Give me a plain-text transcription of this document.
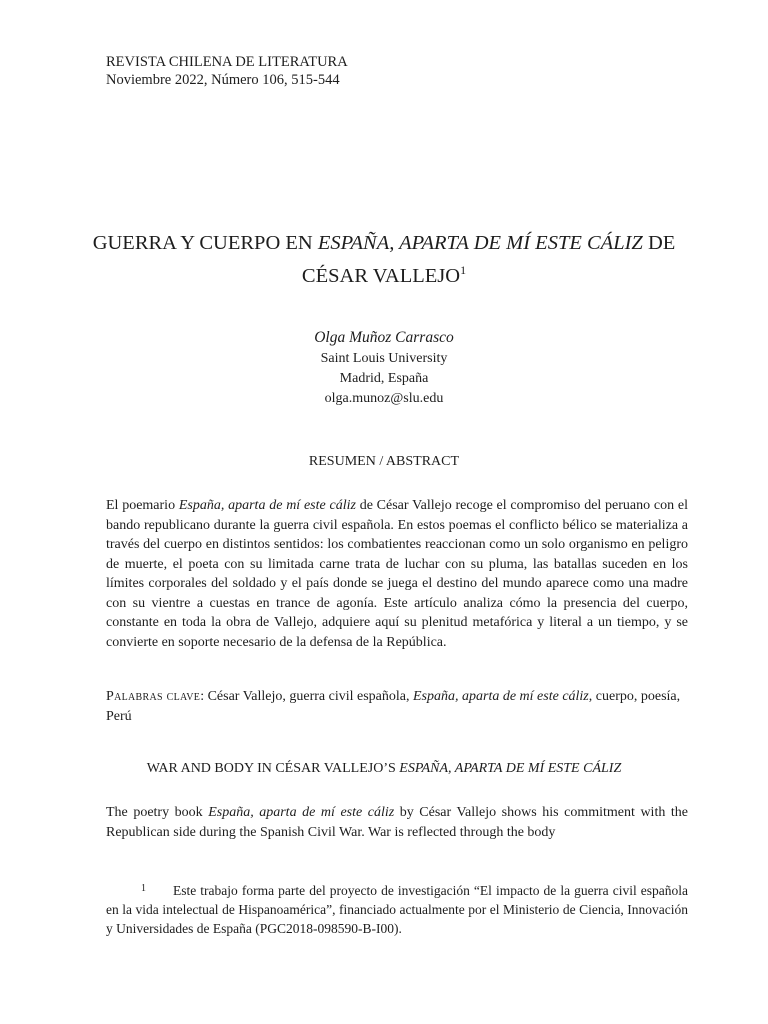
REVISTA CHILENA DE LITERATURA
Noviembre 2022, Número 106, 515-544
GUERRA Y CUERPO EN ESPAÑA, APARTA DE MÍ ESTE CÁLIZ DE CÉSAR VALLEJO$^1$
Olga Muñoz Carrasco
Saint Louis University
Madrid, España
olga.munoz@slu.edu
RESUMEN / ABSTRACT
El poemario España, aparta de mí este cáliz de César Vallejo recoge el compromiso del peruano con el bando republicano durante la guerra civil española. En estos poemas el conflicto bélico se materializa a través del cuerpo en distintos sentidos: los combatientes reaccionan como un solo organismo en peligro de muerte, el poeta con su limitada carne trata de luchar con su pluma, las batallas suceden en los límites corporales del soldado y el país donde se juega el destino del mundo aparece como una madre con su vientre a cuestas en trance de agonía. Este artículo analiza cómo la presencia del cuerpo, constante en toda la obra de Vallejo, adquiere aquí su plenitud metafórica y literal a un tiempo, y se convierte en soporte necesario de la defensa de la República.
Palabras clave: César Vallejo, guerra civil española, España, aparta de mí este cáliz, cuerpo, poesía, Perú
WAR AND BODY IN CÉSAR VALLEJO’S ESPAÑA, APARTA DE MÍ ESTE CÁLIZ
The poetry book España, aparta de mí este cáliz by César Vallejo shows his commitment with the Republican side during the Spanish Civil War. War is reflected through the body
1 Este trabajo forma parte del proyecto de investigación “El impacto de la guerra civil española en la vida intelectual de Hispanoamérica”, financiado actualmente por el Ministerio de Ciencia, Innovación y Universidades de España (PGC2018-098590-B-I00).
